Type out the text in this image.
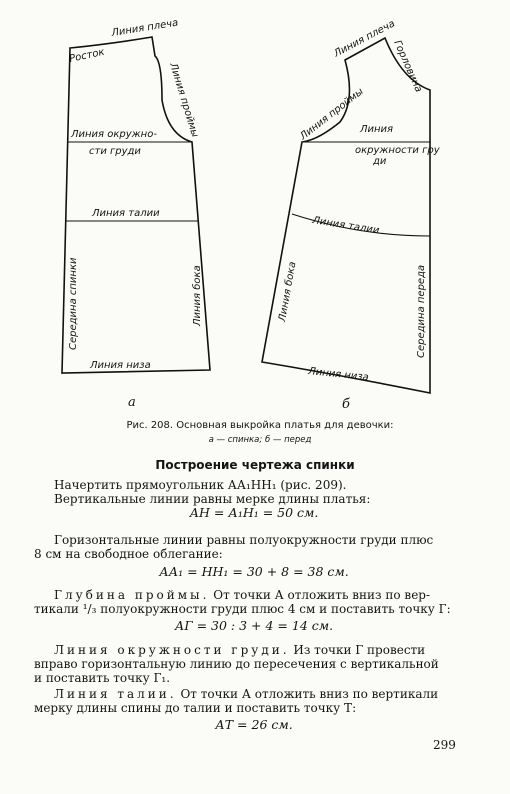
Линия плеча
Росток
Линия проймы
Линия окружно-
сти груди
Линия талии
Середина спинки	Линия бока
Линия низа
а
Линия плеча
Горловина
Линия проймы
Линия
окружности гру
ди
Линия талии
Линия бока	Середина переда
Линия низа
б
Рис. 208. Основная выкройка платья для девочки:
а — спинка; б — перед
Построение чертежа спинки
Начертить прямоугольник АА₁НН₁ (рис. 209).
Вертикальные линии равны мерке длины платья:
АН = А₁Н₁ = 50 см.
Горизонтальные линии равны полуокружности груди плюс
8 см на свободное облегание:
АА₁ = НН₁ = 30 + 8 = 38 см.
Глубина проймы. От точки А отложить вниз по вер-
тикали ¹/₃ полуокружности груди плюс 4 см и поставить точку Г:
АГ = 30 : 3 + 4 = 14 см.
Линия окружности груди. Из точки Г провести
вправо горизонтальную линию до пересечения с вертикальной
и поставить точку Г₁.
Линия талии. От точки А отложить вниз по вертикали
мерку длины спины до талии и поставить точку Т:
АТ = 26 см.
299
